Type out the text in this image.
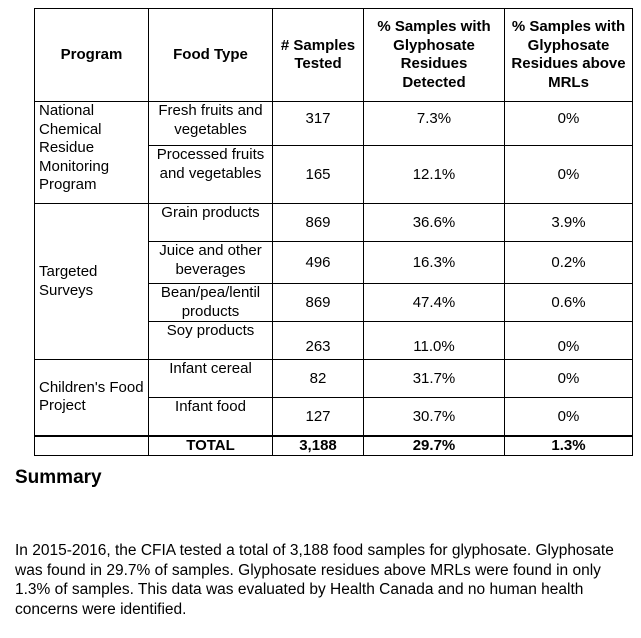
Program	Food Type	# Samples Tested	% Samples with Glyphosate Residues Detected	% Samples with Glyphosate Residues above MRLs
National Chemical Residue Monitoring Program	Fresh fruits and vegetables	317	7.3%	0%
	Processed fruits and vegetables	165	12.1%	0%
Targeted Surveys	Grain products	869	36.6%	3.9%
	Juice and other beverages	496	16.3%	0.2%
	Bean/pea/lentil products	869	47.4%	0.6%
	Soy products	263	11.0%	0%
Children's Food Project	Infant cereal	82	31.7%	0%
	Infant food	127	30.7%	0%
	TOTAL	3,188	29.7%	1.3%
Summary

In 2015-2016, the CFIA tested a total of 3,188 food samples for glyphosate. Glyphosate was found in 29.7% of samples. Glyphosate residues above MRLs were found in only 1.3% of samples. This data was evaluated by Health Canada and no human health concerns were identified.
